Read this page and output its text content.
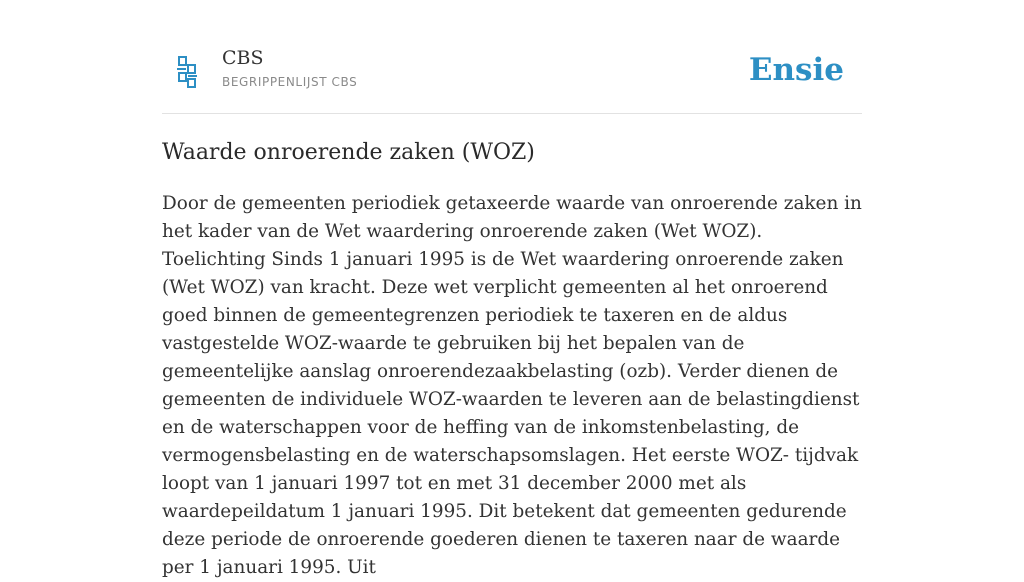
CBS
BEGRIPPENLIJST CBS	Ensie
Waarde onroerende zaken (WOZ)

Door de gemeenten periodiek getaxeerde waarde van onroerende zaken in het kader van de Wet waardering onroerende zaken (Wet WOZ). Toelichting Sinds 1 januari 1995 is de Wet waardering onroerende zaken (Wet WOZ) van kracht. Deze wet verplicht gemeenten al het onroerend goed binnen de gemeentegrenzen periodiek te taxeren en de aldus vastgestelde WOZ-waarde te gebruiken bij het bepalen van de gemeentelijke aanslag onroerendezaakbelasting (ozb). Verder dienen de gemeenten de individuele WOZ-waarden te leveren aan de belastingdienst en de waterschappen voor de heffing van de inkomstenbelasting, de vermogensbelasting en de waterschapsomslagen. Het eerste WOZ- tijdvak loopt van 1 januari 1997 tot en met 31 december 2000 met als waardepeildatum 1 januari 1995. Dit betekent dat gemeenten gedurende deze periode de onroerende goederen dienen te taxeren naar de waarde per 1 januari 1995. Uit
